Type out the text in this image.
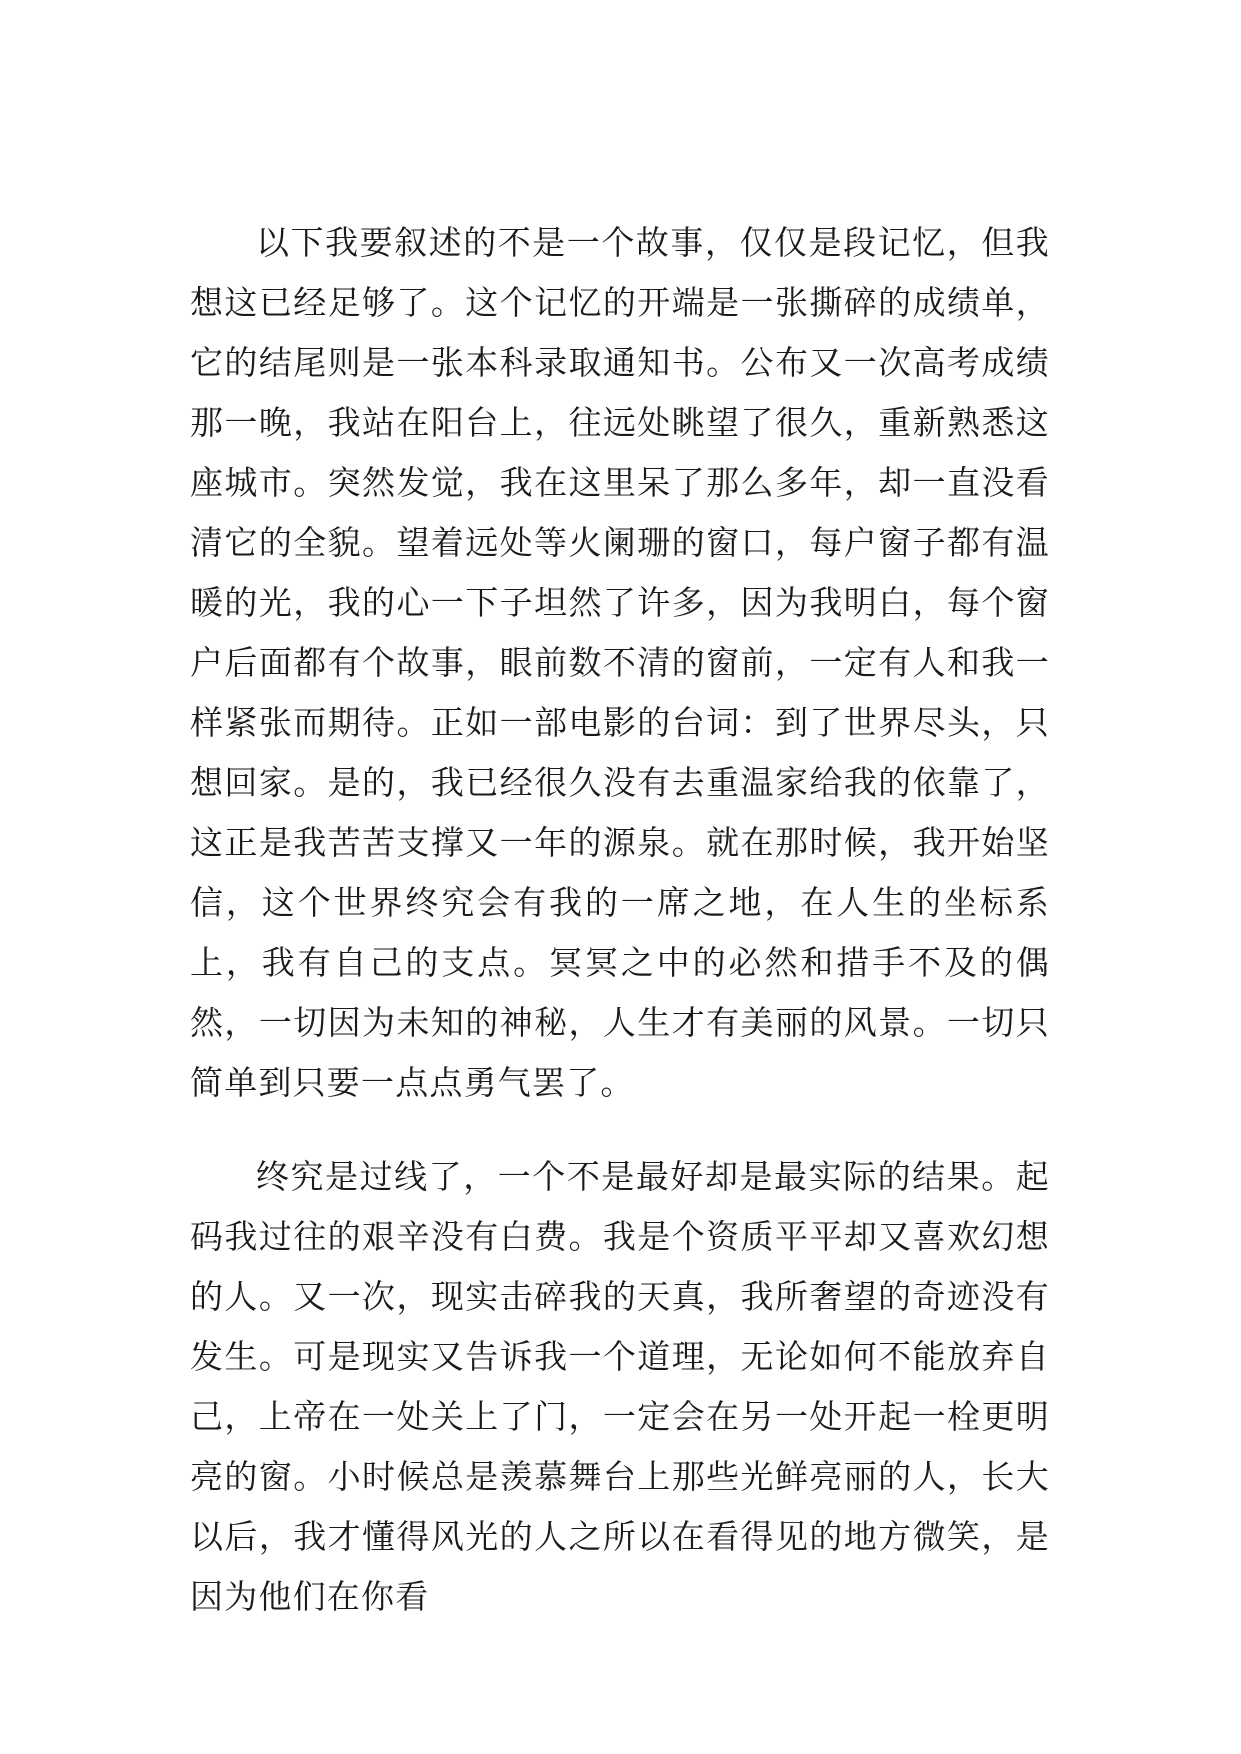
以下我要叙述的不是一个故事，仅仅是段记忆，但我想这已经足够了。这个记忆的开端是一张撕碎的成绩单，它的结尾则是一张本科录取通知书。公布又一次高考成绩那一晚，我站在阳台上，往远处眺望了很久，重新熟悉这座城市。突然发觉，我在这里呆了那么多年，却一直没看清它的全貌。望着远处等火阑珊的窗口，每户窗子都有温暖的光，我的心一下子坦然了许多，因为我明白，每个窗户后面都有个故事，眼前数不清的窗前，一定有人和我一样紧张而期待。正如一部电影的台词：到了世界尽头，只想回家。是的，我已经很久没有去重温家给我的依靠了，这正是我苦苦支撑又一年的源泉。就在那时候，我开始坚信，这个世界终究会有我的一席之地，在人生的坐标系上，我有自己的支点。冥冥之中的必然和措手不及的偶然，一切因为未知的神秘，人生才有美丽的风景。一切只简单到只要一点点勇气罢了。

终究是过线了，一个不是最好却是最实际的结果。起码我过往的艰辛没有白费。我是个资质平平却又喜欢幻想的人。又一次，现实击碎我的天真，我所奢望的奇迹没有发生。可是现实又告诉我一个道理，无论如何不能放弃自己，上帝在一处关上了门，一定会在另一处开起一栓更明亮的窗。小时候总是羡慕舞台上那些光鲜亮丽的人，长大以后，我才懂得风光的人之所以在看得见的地方微笑，是因为他们在你看
